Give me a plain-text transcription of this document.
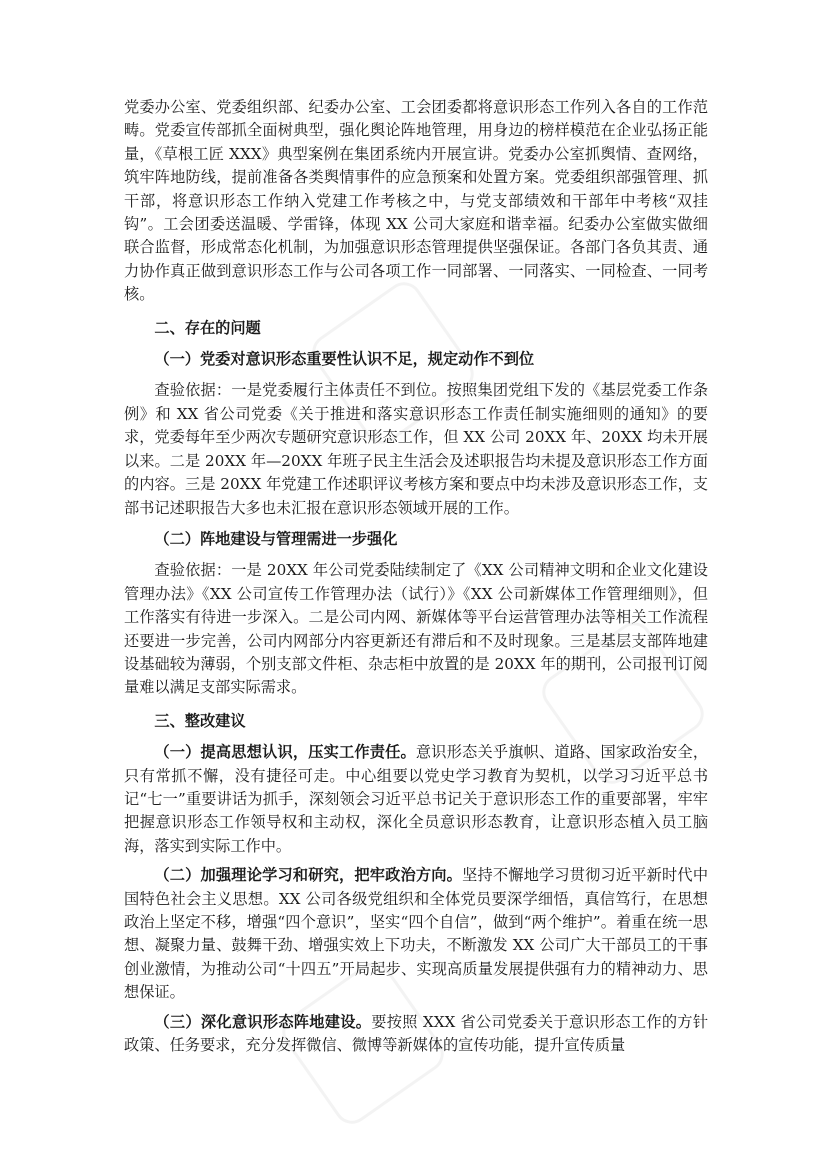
党委办公室、党委组织部、纪委办公室、工会团委都将意识形态工作列入各自的工作范畴。党委宣传部抓全面树典型，强化舆论阵地管理，用身边的榜样模范在企业弘扬正能量，《草根工匠 XXX》典型案例在集团系统内开展宣讲。党委办公室抓舆情、查网络，筑牢阵地防线，提前准备各类舆情事件的应急预案和处置方案。党委组织部强管理、抓干部，将意识形态工作纳入党建工作考核之中，与党支部绩效和干部年中考核“双挂钩”。工会团委送温暖、学雷锋，体现 XX 公司大家庭和谐幸福。纪委办公室做实做细联合监督，形成常态化机制，为加强意识形态管理提供坚强保证。各部门各负其责、通力协作真正做到意识形态工作与公司各项工作一同部署、一同落实、一同检查、一同考核。

二、存在的问题

（一）党委对意识形态重要性认识不足，规定动作不到位

查验依据：一是党委履行主体责任不到位。按照集团党组下发的《基层党委工作条例》和 XX 省公司党委《关于推进和落实意识形态工作责任制实施细则的通知》的要求，党委每年至少两次专题研究意识形态工作，但 XX 公司 20XX 年、20XX 均未开展以来。二是 20XX 年—20XX 年班子民主生活会及述职报告均未提及意识形态工作方面的内容。三是 20XX 年党建工作述职评议考核方案和要点中均未涉及意识形态工作，支部书记述职报告大多也未汇报在意识形态领域开展的工作。

（二）阵地建设与管理需进一步强化

查验依据：一是 20XX 年公司党委陆续制定了《XX 公司精神文明和企业文化建设管理办法》《XX 公司宣传工作管理办法（试行）》《XX 公司新媒体工作管理细则》，但工作落实有待进一步深入。二是公司内网、新媒体等平台运营管理办法等相关工作流程还要进一步完善，公司内网部分内容更新还有滞后和不及时现象。三是基层支部阵地建设基础较为薄弱，个别支部文件柜、杂志柜中放置的是 20XX 年的期刊，公司报刊订阅量难以满足支部实际需求。

三、整改建议

（一）提高思想认识，压实工作责任。意识形态关乎旗帜、道路、国家政治安全，只有常抓不懈，没有捷径可走。中心组要以党史学习教育为契机，以学习习近平总书记“七一”重要讲话为抓手，深刻领会习近平总书记关于意识形态工作的重要部署，牢牢把握意识形态工作领导权和主动权，深化全员意识形态教育，让意识形态植入员工脑海，落实到实际工作中。

（二）加强理论学习和研究，把牢政治方向。坚持不懈地学习贯彻习近平新时代中国特色社会主义思想。XX 公司各级党组织和全体党员要深学细悟，真信笃行，在思想政治上坚定不移，增强“四个意识”，坚实“四个自信”，做到“两个维护”。着重在统一思想、凝聚力量、鼓舞干劲、增强实效上下功夫，不断激发 XX 公司广大干部员工的干事创业激情，为推动公司“十四五”开局起步、实现高质量发展提供强有力的精神动力、思想保证。

（三）深化意识形态阵地建设。要按照 XXX 省公司党委关于意识形态工作的方针政策、任务要求，充分发挥微信、微博等新媒体的宣传功能，提升宣传质量
